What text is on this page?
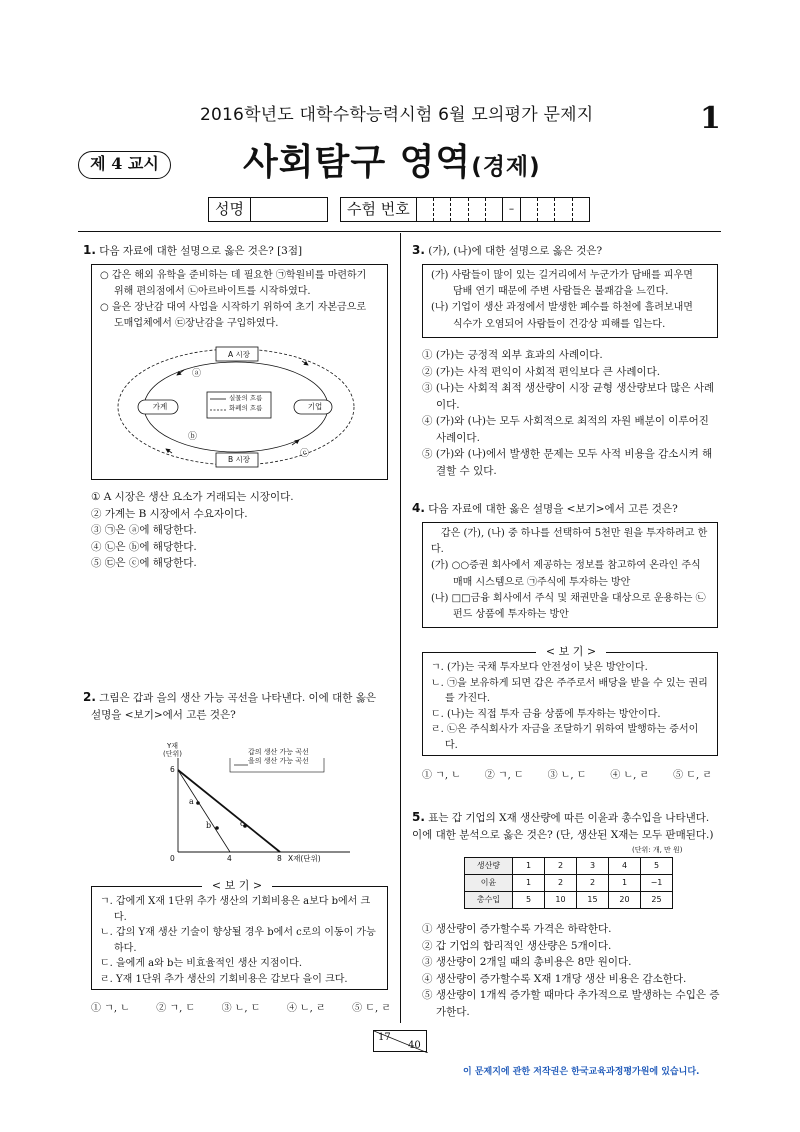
2016학년도 대학수학능력시험 6월 모의평가 문제지	1
제 4 교시	사회탐구 영역(경제)
성명	수험 번호	–
1. 다음 자료에 대한 설명으로 옳은 것은? [3점]
○ 갑은 해외 유학을 준비하는 데 필요한 ㉠학원비를 마련하기
위해 편의점에서 ㉡아르바이트를 시작하였다.
○ 을은 장난감 대여 사업을 시작하기 위하여 초기 자본금으로
도매업체에서 ㉢장난감을 구입하였다.
A 시장
B 시장
가계	기업
실물의 흐름
화폐의 흐름
ⓐ
ⓑ
ⓒ
① A 시장은 생산 요소가 거래되는 시장이다.
② 가계는 B 시장에서 수요자이다.
③ ㉠은 ⓐ에 해당한다.
④ ㉡은 ⓑ에 해당한다.
⑤ ㉢은 ⓒ에 해당한다.
2. 그림은 갑과 을의 생산 가능 곡선을 나타낸다. 이에 대한 옳은
설명을 <보기>에서 고른 것은?
Y재
(단위)	갑의 생산 가능 곡선
을의 생산 가능 곡선
6
0	4	8 X재(단위)
a
b	c
< 보 기 >
ㄱ. 갑에게 X재 1단위 추가 생산의 기회비용은 a보다 b에서 크다.
ㄴ. 갑의 Y재 생산 기술이 향상될 경우 b에서 c로의 이동이 가능하다.
ㄷ. 을에게 a와 b는 비효율적인 생산 지점이다.
ㄹ. Y재 1단위 추가 생산의 기회비용은 갑보다 을이 크다.
① ㄱ, ㄴ	② ㄱ, ㄷ	③ ㄴ, ㄷ	④ ㄴ, ㄹ	⑤ ㄷ, ㄹ
3. (가), (나)에 대한 설명으로 옳은 것은?
(가) 사람들이 많이 있는 길거리에서 누군가가 담배를 피우면
담배 연기 때문에 주변 사람들은 불쾌감을 느낀다.
(나) 기업이 생산 과정에서 발생한 폐수를 하천에 흘려보내면
식수가 오염되어 사람들이 건강상 피해를 입는다.
① (가)는 긍정적 외부 효과의 사례이다.
② (가)는 사적 편익이 사회적 편익보다 큰 사례이다.
③ (나)는 사회적 최적 생산량이 시장 균형 생산량보다 많은 사례이다.
④ (가)와 (나)는 모두 사회적으로 최적의 자원 배분이 이루어진 사례이다.
⑤ (가)와 (나)에서 발생한 문제는 모두 사적 비용을 감소시켜 해결할 수 있다.
4. 다음 자료에 대한 옳은 설명을 <보기>에서 고른 것은?
갑은 (가), (나) 중 하나를 선택하여 5천만 원을 투자하려고 한다.
(가) ○○증권 회사에서 제공하는 정보를 참고하여 온라인 주식매매 시스템으로 ㉠주식에 투자하는 방안
(나) □□금융 회사에서 주식 및 채권만을 대상으로 운용하는 ㉡펀드 상품에 투자하는 방안
< 보 기 >
ㄱ. (가)는 국채 투자보다 안전성이 낮은 방안이다.
ㄴ. ㉠을 보유하게 되면 갑은 주주로서 배당을 받을 수 있는 권리를 가진다.
ㄷ. (나)는 직접 투자 금융 상품에 투자하는 방안이다.
ㄹ. ㉡은 주식회사가 자금을 조달하기 위하여 발행하는 증서이다.
① ㄱ, ㄴ ② ㄱ, ㄷ ③ ㄴ, ㄷ ④ ㄴ, ㄹ ⑤ ㄷ, ㄹ
5. 표는 갑 기업의 X재 생산량에 따른 이윤과 총수입을 나타낸다.
이에 대한 분석으로 옳은 것은? (단, 생산된 X재는 모두 판매된다.)
(단위: 개, 만 원)
생산량	1	2	3	4	5
이윤	1	2	2	1	−1
총수입	5	10	15	20	25
① 생산량이 증가할수록 가격은 하락한다.
② 갑 기업의 합리적인 생산량은 5개이다.
③ 생산량이 2개일 때의 총비용은 8만 원이다.
④ 생산량이 증가할수록 X재 1개당 생산 비용은 감소한다.
⑤ 생산량이 1개씩 증가할 때마다 추가적으로 발생하는 수입은 증가한다.
17
40
이 문제지에 관한 저작권은 한국교육과정평가원에 있습니다.
